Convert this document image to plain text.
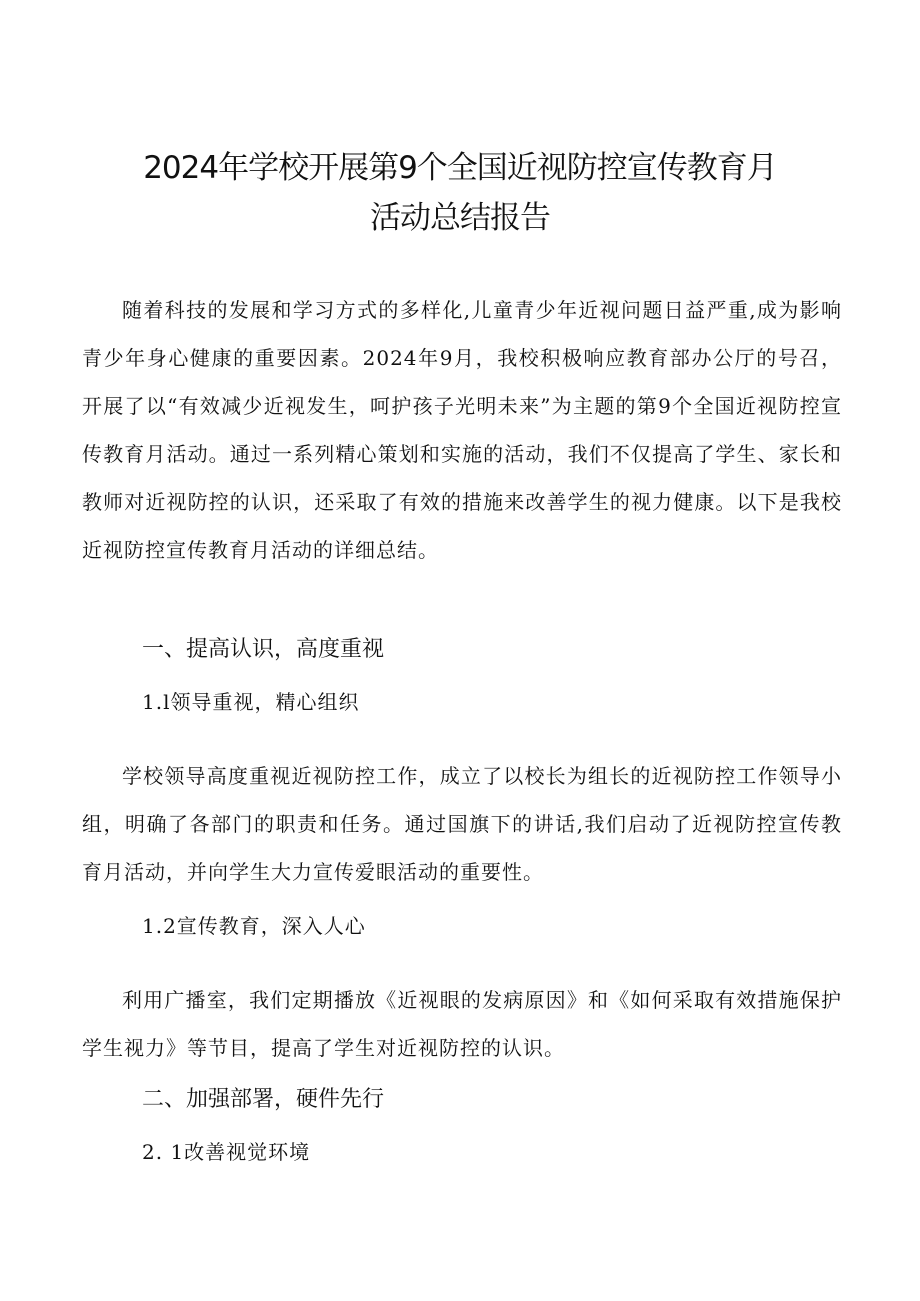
2024年学校开展第9个全国近视防控宣传教育月
活动总结报告
随着科技的发展和学习方式的多样化,儿童青少年近视问题日益严重,成为影响青少年身心健康的重要因素。2024年9月，我校积极响应教育部办公厅的号召，开展了以“有效减少近视发生，呵护孩子光明未来”为主题的第9个全国近视防控宣传教育月活动。通过一系列精心策划和实施的活动，我们不仅提高了学生、家长和教师对近视防控的认识，还采取了有效的措施来改善学生的视力健康。以下是我校近视防控宣传教育月活动的详细总结。
一、提高认识，高度重视
1.l领导重视，精心组织
学校领导高度重视近视防控工作，成立了以校长为组长的近视防控工作领导小组，明确了各部门的职责和任务。通过国旗下的讲话,我们启动了近视防控宣传教育月活动，并向学生大力宣传爱眼活动的重要性。
1.2宣传教育，深入人心
利用广播室，我们定期播放《近视眼的发病原因》和《如何采取有效措施保护学生视力》等节目，提高了学生对近视防控的认识。
二、加强部署，硬件先行
2. 1改善视觉环境
